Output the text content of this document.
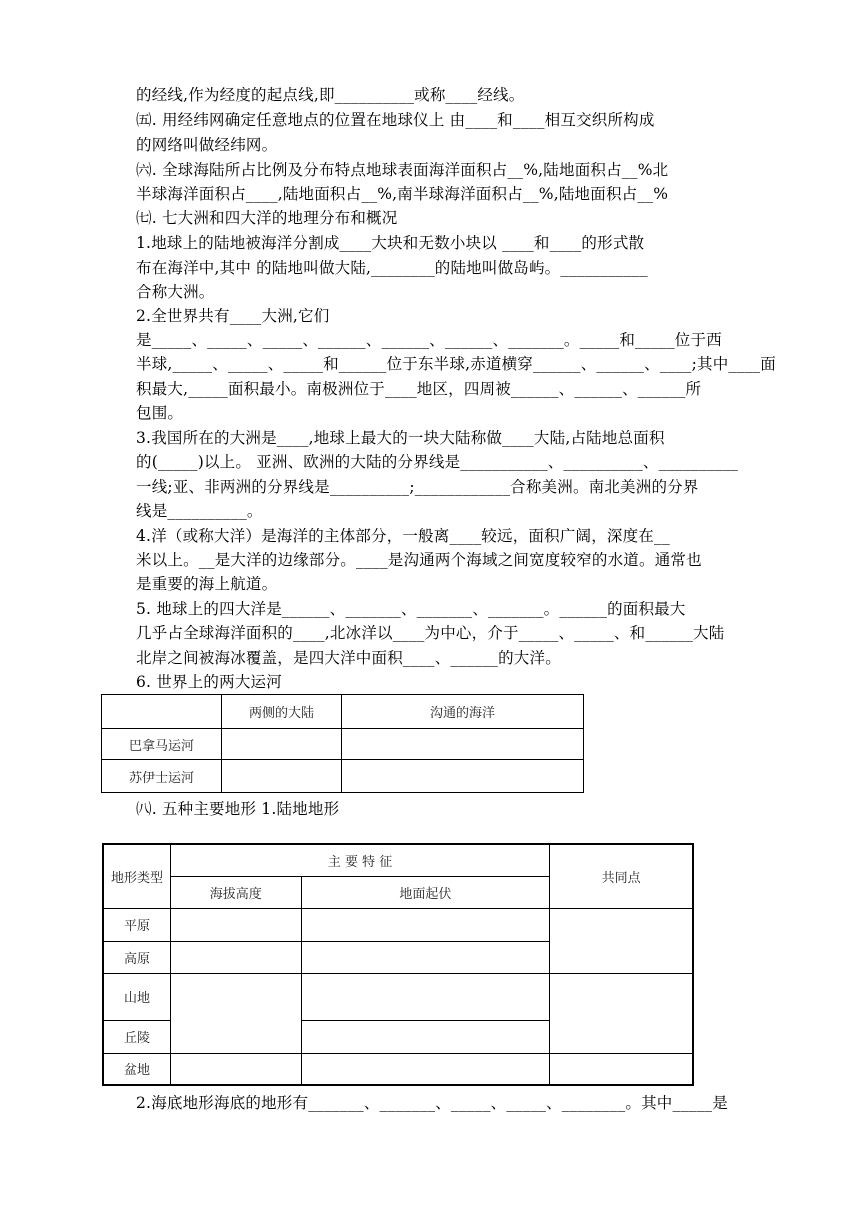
的经线,作为经度的起点线,即__________或称____经线。
㈤. 用经纬网确定任意地点的位置在地球仪上 由____和____相互交织所构成
的网络叫做经纬网。
㈥. 全球海陆所占比例及分布特点地球表面海洋面积占__%,陆地面积占__%北
半球海洋面积占____,陆地面积占__%,南半球海洋面积占__%,陆地面积占__%
㈦. 七大洲和四大洋的地理分布和概况
1.地球上的陆地被海洋分割成____大块和无数小块以 ____和____的形式散
布在海洋中,其中 的陆地叫做大陆,________的陆地叫做岛屿。___________
合称大洲。
2.全世界共有____大洲,它们
是_____、_____、_____、______、______、______、_______。_____和_____位于西
半球,_____、_____、_____和______位于东半球,赤道横穿______、______、____;其中____面
积最大,_____面积最小。南极洲位于____地区，四周被______、______、______所
包围。
3.我国所在的大洲是____,地球上最大的一块大陆称做____大陆,占陆地总面积
的(_____)以上。 亚洲、欧洲的大陆的分界线是___________、__________、__________
一线;亚、非两洲的分界线是__________;____________合称美洲。南北美洲的分界
线是__________。
4.洋（或称大洋）是海洋的主体部分，一般离____较远，面积广阔，深度在__
米以上。__是大洋的边缘部分。____是沟通两个海域之间宽度较窄的水道。通常也
是重要的海上航道。
5. 地球上的四大洋是______、_______、_______、_______。______的面积最大
几乎占全球海洋面积的____,北冰洋以____为中心，介于_____、_____、和______大陆
北岸之间被海冰覆盖，是四大洋中面积____、______的大洋。
6. 世界上的两大运河
	两侧的大陆	沟通的海洋
巴拿马运河		
苏伊士运河		
㈧. 五种主要地形 1.陆地地形
地形类型	主 要 特 征		共同点
	海拔高度	地面起伏	
平原			
高原			
山地			
丘陵			
盆地			
2.海底地形海底的地形有_______、_______、_____、_____、________。其中_____是
